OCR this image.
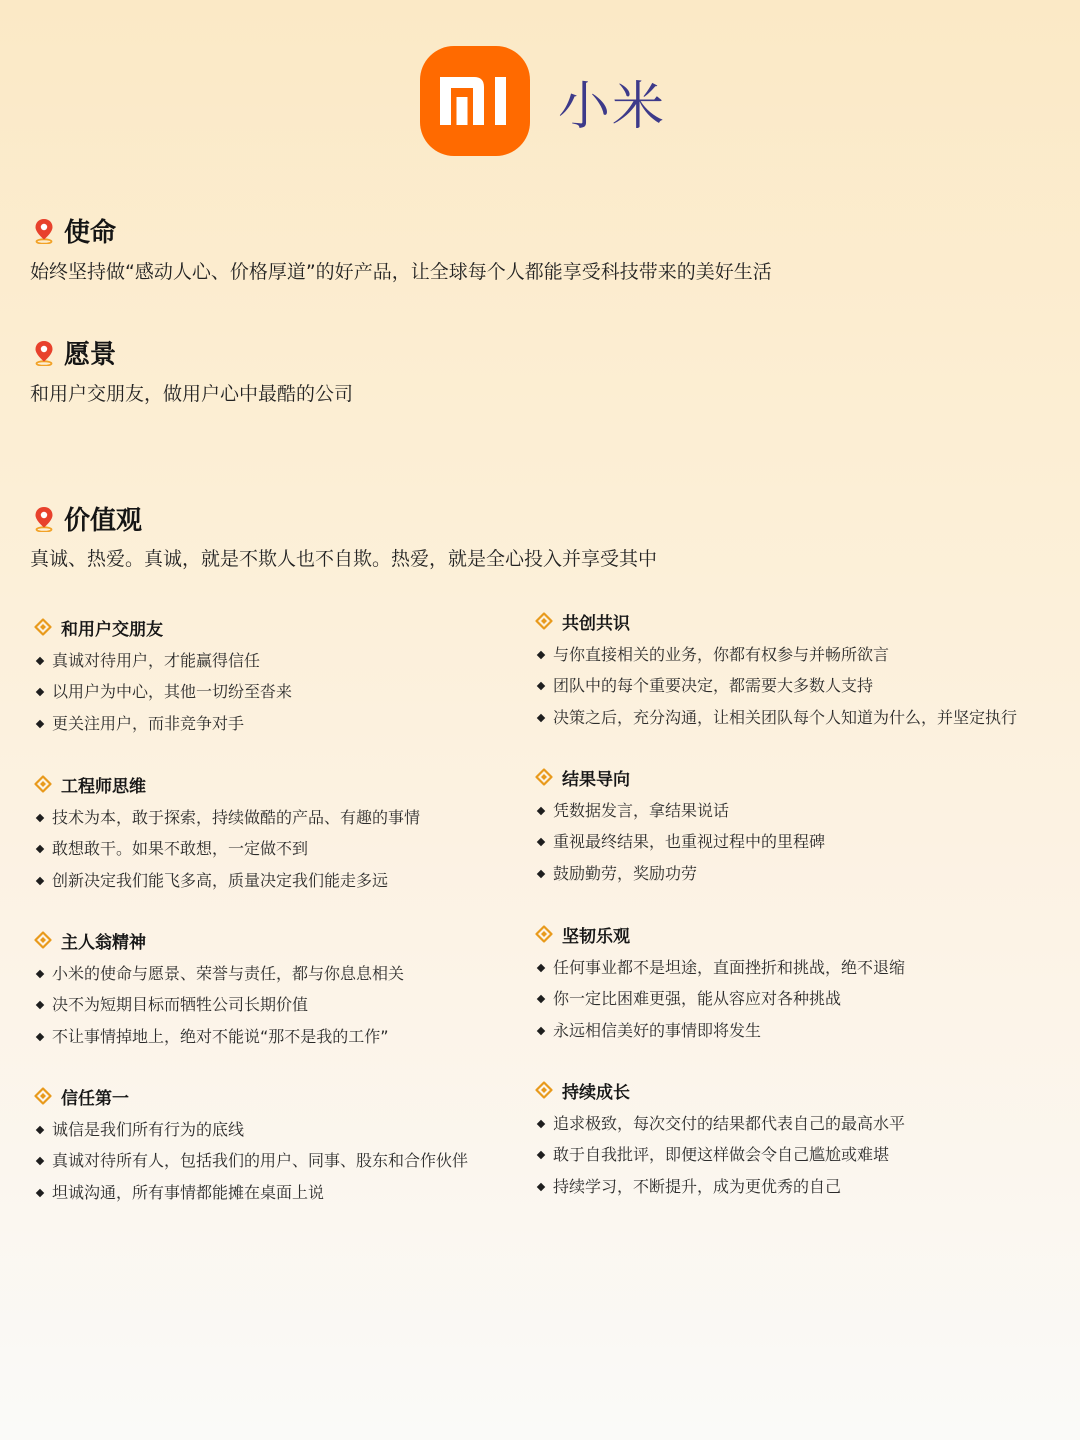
小米
使命
始终坚持做“感动人心、价格厚道”的好产品，让全球每个人都能享受科技带来的美好生活
愿景
和用户交朋友，做用户心中最酷的公司
价值观
真诚、热爱。真诚，就是不欺人也不自欺。热爱，就是全心投入并享受其中
和用户交朋友
真诚对待用户，才能赢得信任
以用户为中心，其他一切纷至沓来
更关注用户，而非竞争对手
共创共识
与你直接相关的业务，你都有权参与并畅所欲言
团队中的每个重要决定，都需要大多数人支持
决策之后，充分沟通，让相关团队每个人知道为什么，并坚定执行
工程师思维
技术为本，敢于探索，持续做酷的产品、有趣的事情
敢想敢干。如果不敢想，一定做不到
创新决定我们能飞多高，质量决定我们能走多远
结果导向
凭数据发言，拿结果说话
重视最终结果，也重视过程中的里程碑
鼓励勤劳，奖励功劳
主人翁精神
小米的使命与愿景、荣誉与责任，都与你息息相关
决不为短期目标而牺牲公司长期价值
不让事情掉地上，绝对不能说“那不是我的工作”
坚韧乐观
任何事业都不是坦途，直面挫折和挑战，绝不退缩
你一定比困难更强，能从容应对各种挑战
永远相信美好的事情即将发生
信任第一
诚信是我们所有行为的底线
真诚对待所有人，包括我们的用户、同事、股东和合作伙伴
坦诚沟通，所有事情都能摊在桌面上说
持续成长
追求极致，每次交付的结果都代表自己的最高水平
敢于自我批评，即便这样做会令自己尴尬或难堪
持续学习，不断提升，成为更优秀的自己
